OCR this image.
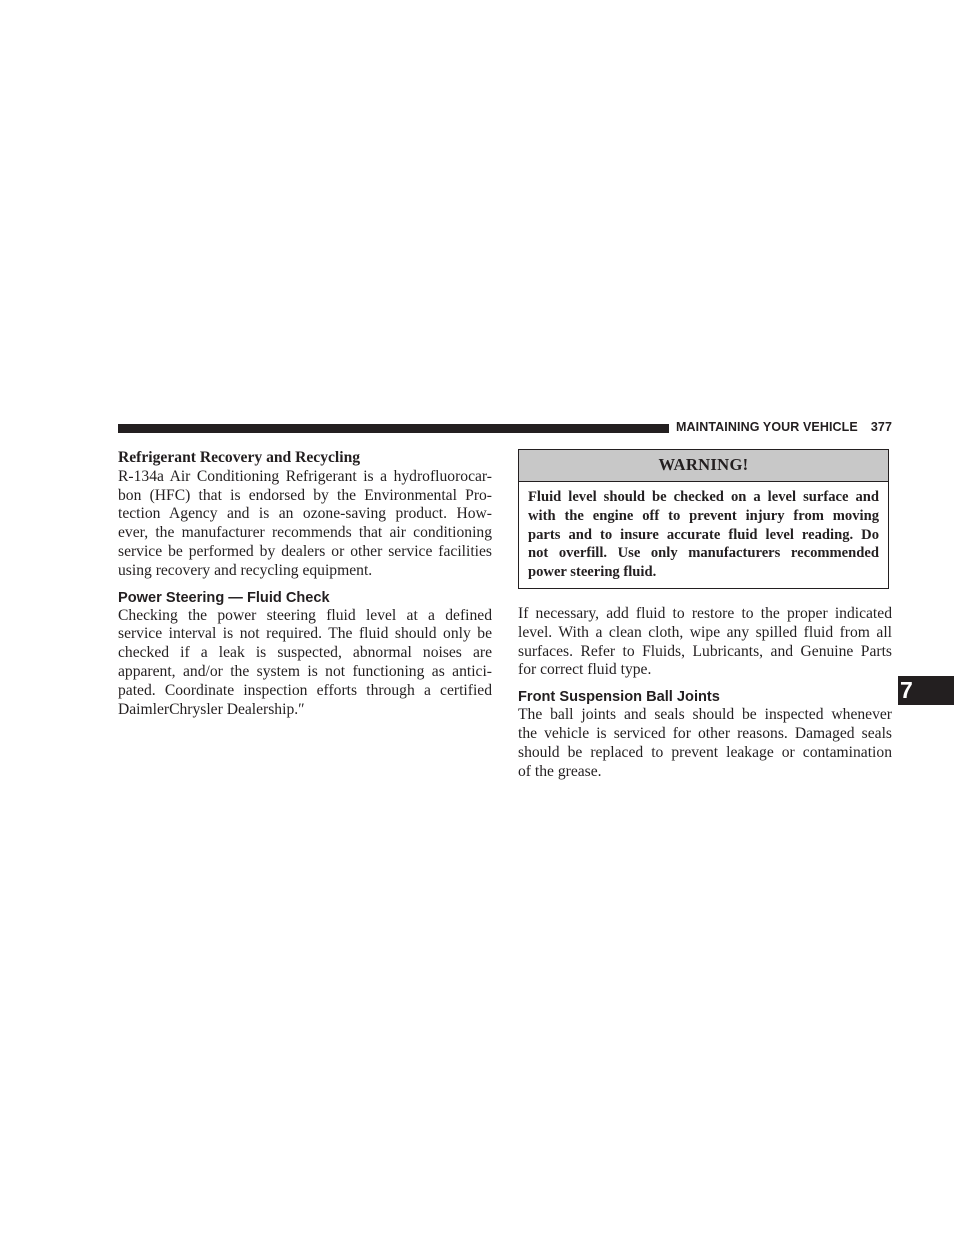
MAINTAINING YOUR VEHICLE 377
Refrigerant Recovery and Recycling
R-134a Air Conditioning Refrigerant is a hydrofluorocar-
bon (HFC) that is endorsed by the Environmental Pro-
tection Agency and is an ozone-saving product. How-
ever, the manufacturer recommends that air conditioning
service be performed by dealers or other service facilities
using recovery and recycling equipment.
Power Steering — Fluid Check
Checking the power steering fluid level at a defined
service interval is not required. The fluid should only be
checked if a leak is suspected, abnormal noises are
apparent, and/or the system is not functioning as antici-
pated. Coordinate inspection efforts through a certified
DaimlerChrysler Dealership.″
WARNING!
Fluid level should be checked on a level surface and
with the engine off to prevent injury from moving
parts and to insure accurate fluid level reading. Do
not overfill. Use only manufacturers recommended
power steering fluid.
If necessary, add fluid to restore to the proper indicated
level. With a clean cloth, wipe any spilled fluid from all
surfaces. Refer to Fluids, Lubricants, and Genuine Parts
for correct fluid type.
Front Suspension Ball Joints
The ball joints and seals should be inspected whenever
the vehicle is serviced for other reasons. Damaged seals
should be replaced to prevent leakage or contamination
of the grease.
7
